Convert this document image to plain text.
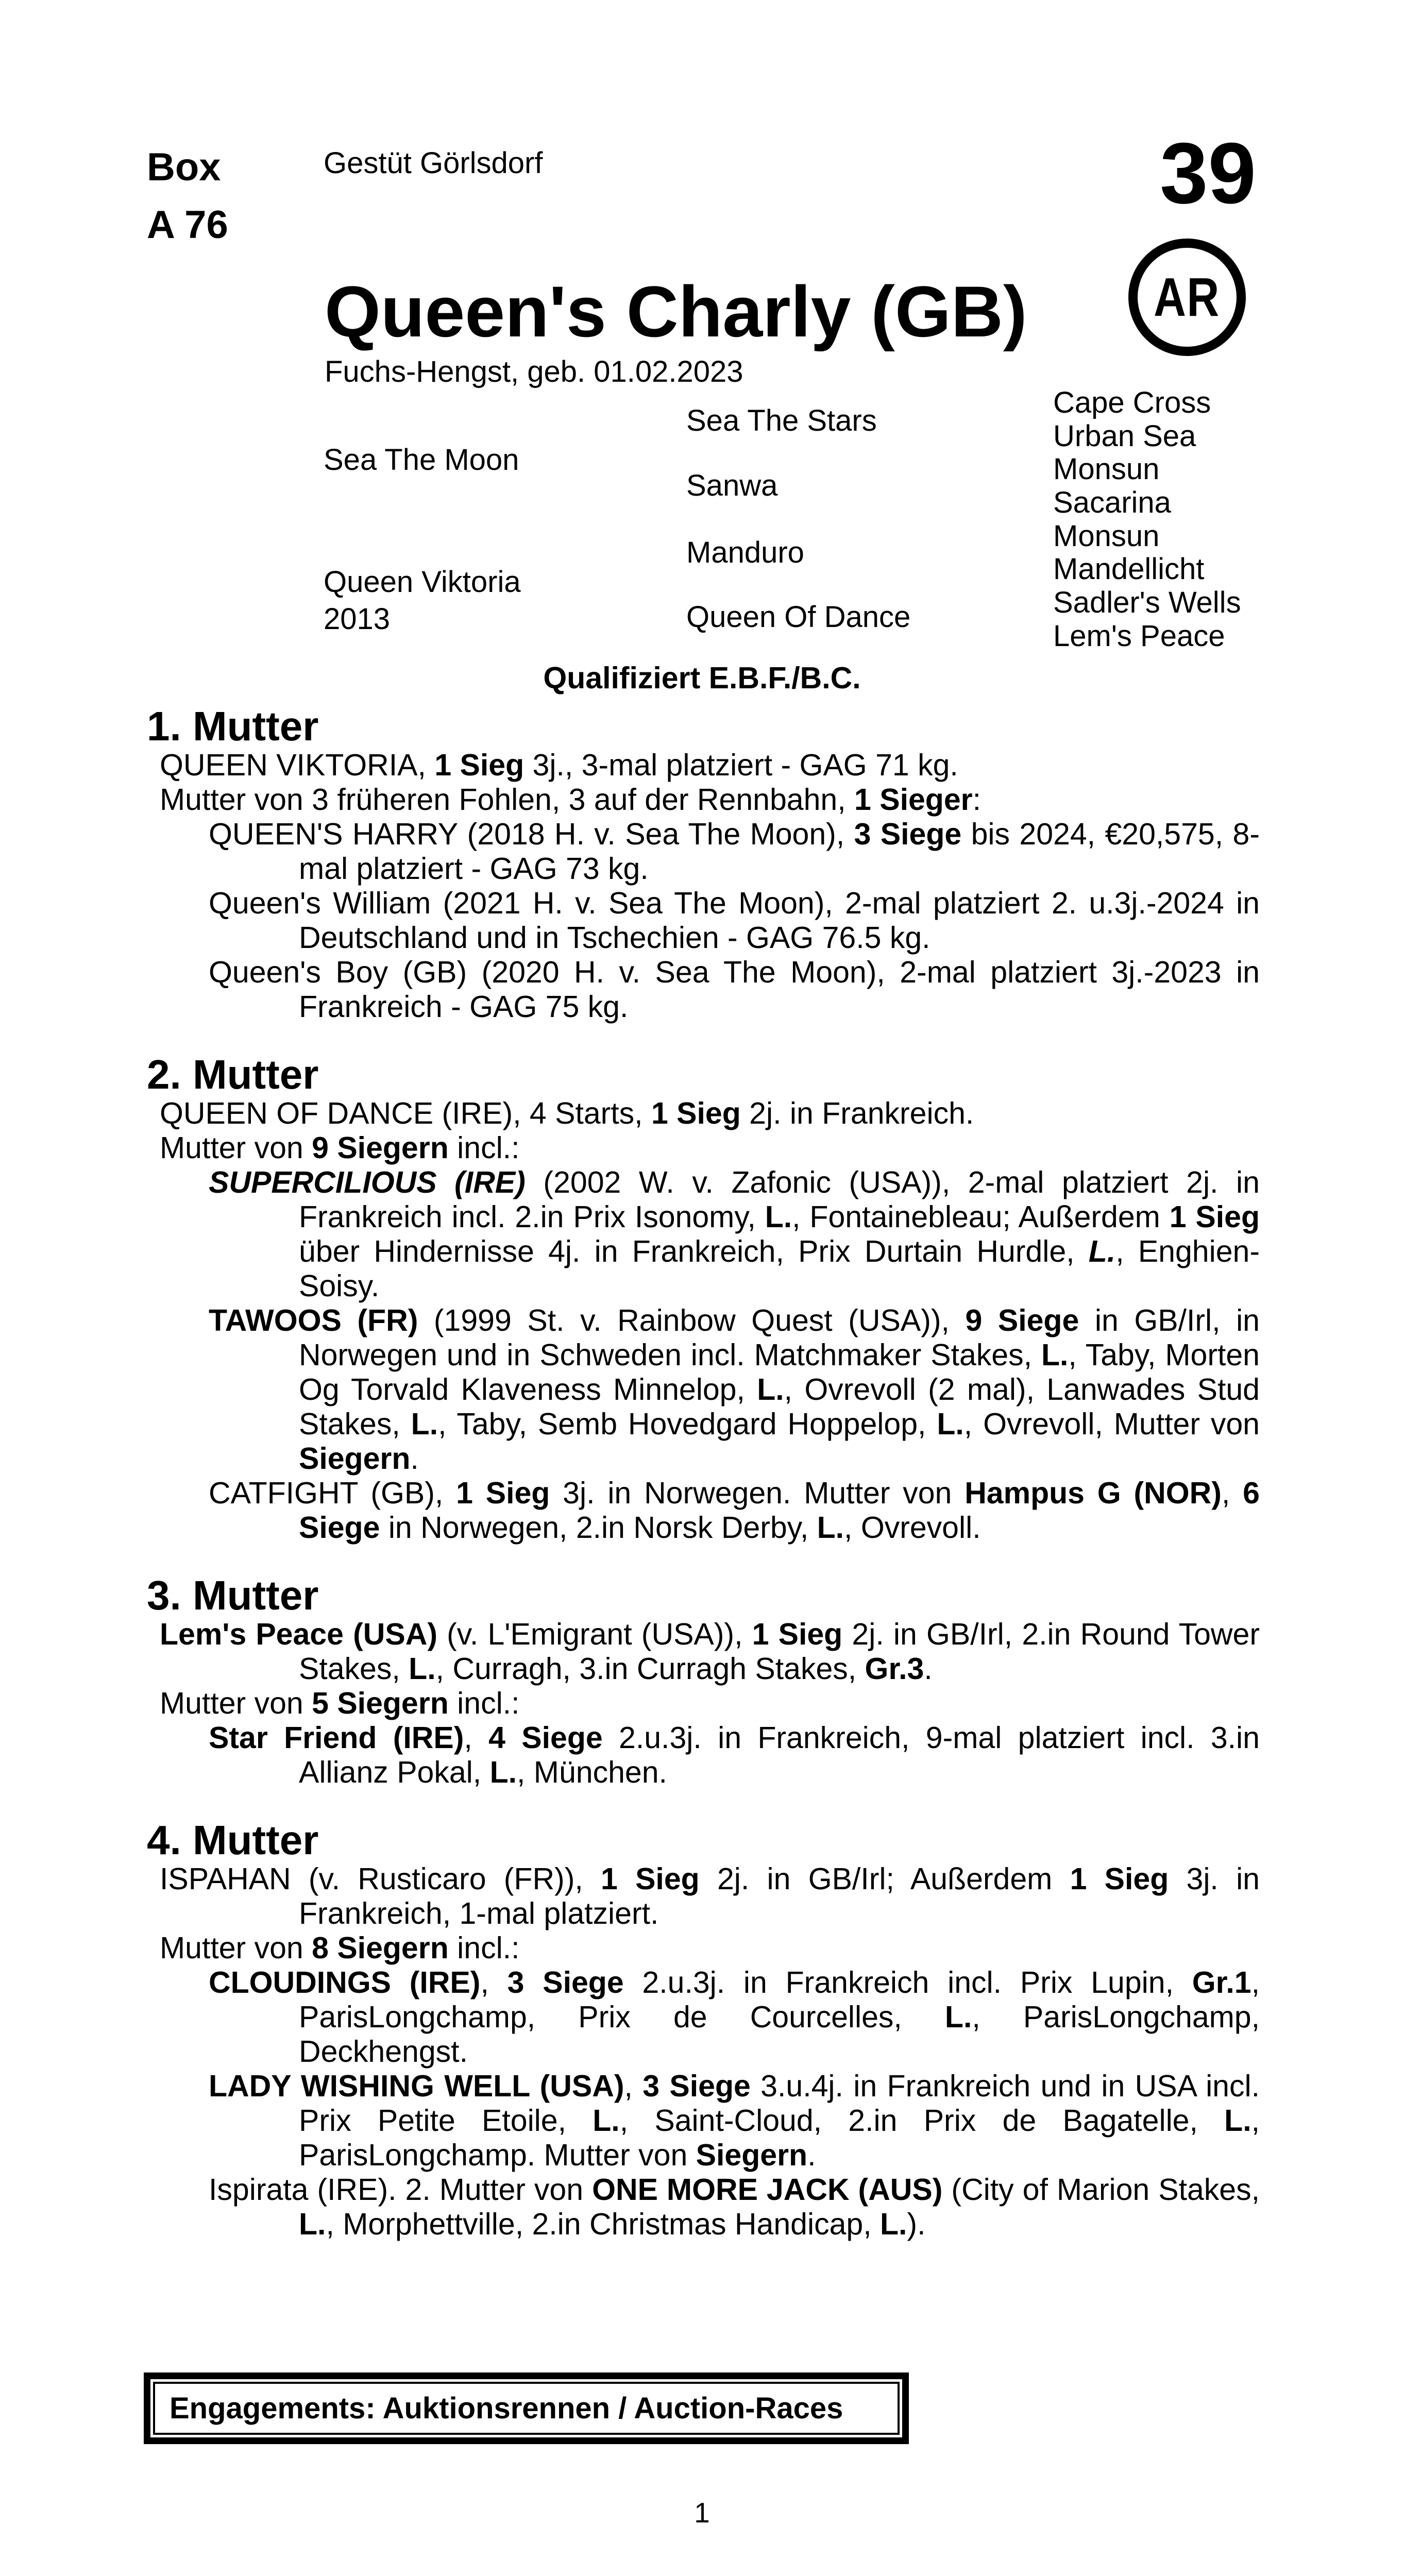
Box
A 76
Gestüt Görlsdorf	39
Queen's Charly (GB) AR
Fuchs-Hengst, geb. 01.02.2023
Sea The Moon
Queen Viktoria
2013
Sea The Stars
Sanwa
Manduro
Queen Of Dance
Cape Cross
Urban Sea
Monsun
Sacarina
Monsun
Mandellicht
Sadler's Wells
Lem's Peace
Qualifiziert E.B.F./B.C.
1. Mutter

QUEEN VIKTORIA, 1 Sieg 3j., 3-mal platziert - GAG 71 kg.

Mutter von 3 früheren Fohlen, 3 auf der Rennbahn, 1 Sieger:

QUEEN'S HARRY (2018 H. v. Sea The Moon), 3 Siege bis 2024, €20,575, 8-mal platziert - GAG 73 kg.

Queen's William (2021 H. v. Sea The Moon), 2-mal platziert 2. u.3j.-2024 in Deutschland und in Tschechien - GAG 76.5 kg.

Queen's Boy (GB) (2020 H. v. Sea The Moon), 2-mal platziert 3j.-2023 in Frankreich - GAG 75 kg.

2. Mutter

QUEEN OF DANCE (IRE), 4 Starts, 1 Sieg 2j. in Frankreich.

Mutter von 9 Siegern incl.:

SUPERCILIOUS (IRE) (2002 W. v. Zafonic (USA)), 2-mal platziert 2j. in Frankreich incl. 2.in Prix Isonomy, L., Fontainebleau; Außerdem 1 Sieg über Hindernisse 4j. in Frankreich, Prix Durtain Hurdle, L., Enghien-Soisy.

TAWOOS (FR) (1999 St. v. Rainbow Quest (USA)), 9 Siege in GB/Irl, in Norwegen und in Schweden incl. Matchmaker Stakes, L., Taby, Morten Og Torvald Klaveness Minnelop, L., Ovrevoll (2 mal), Lanwades Stud Stakes, L., Taby, Semb Hovedgard Hoppelop, L., Ovrevoll, Mutter von Siegern.

CATFIGHT (GB), 1 Sieg 3j. in Norwegen. Mutter von Hampus G (NOR), 6 Siege in Norwegen, 2.in Norsk Derby, L., Ovrevoll.

3. Mutter

Lem's Peace (USA) (v. L'Emigrant (USA)), 1 Sieg 2j. in GB/Irl, 2.in Round Tower Stakes, L., Curragh, 3.in Curragh Stakes, Gr.3.

Mutter von 5 Siegern incl.:

Star Friend (IRE), 4 Siege 2.u.3j. in Frankreich, 9-mal platziert incl. 3.in Allianz Pokal, L., München.

4. Mutter

ISPAHAN (v. Rusticaro (FR)), 1 Sieg 2j. in GB/Irl; Außerdem 1 Sieg 3j. in Frankreich, 1-mal platziert.

Mutter von 8 Siegern incl.:

CLOUDINGS (IRE), 3 Siege 2.u.3j. in Frankreich incl. Prix Lupin, Gr.1, ParisLongchamp, Prix de Courcelles, L., ParisLongchamp, Deckhengst.

LADY WISHING WELL (USA), 3 Siege 3.u.4j. in Frankreich und in USA incl. Prix Petite Etoile, L., Saint-Cloud, 2.in Prix de Bagatelle, L., ParisLongchamp. Mutter von Siegern.

Ispirata (IRE). 2. Mutter von ONE MORE JACK (AUS) (City of Marion Stakes, L., Morphettville, 2.in Christmas Handicap, L.).

Engagements: Auktionsrennen / Auction-Races
1
